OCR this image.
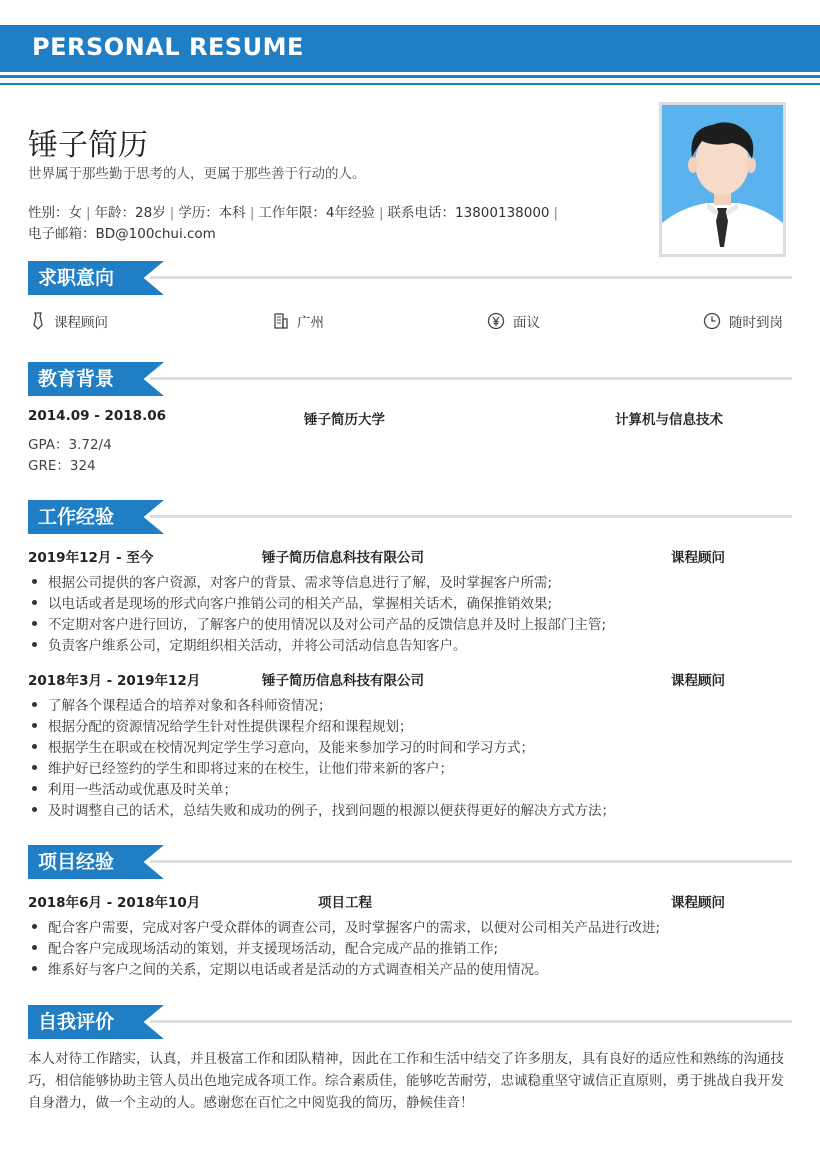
PERSONAL RESUME
锤子简历
世界属于那些勤于思考的人，更属于那些善于行动的人。
性别：女 | 年龄：28岁 | 学历：本科 | 工作年限：4年经验 | 联系电话：13800138000 |
电子邮箱：BD@100chui.com
求职意向
课程顾问	广州	面议	随时到岗
教育背景
2014.09 - 2018.06	锤子简历大学	计算机与信息技术
GPA：3.72/4
GRE：324
工作经验
2019年12月 - 至今	锤子简历信息科技有限公司	课程顾问
根据公司提供的客户资源，对客户的背景、需求等信息进行了解，及时掌握客户所需;
以电话或者是现场的形式向客户推销公司的相关产品，掌握相关话术，确保推销效果;
不定期对客户进行回访，了解客户的使用情况以及对公司产品的反馈信息并及时上报部门主管;
负责客户维系公司，定期组织相关活动，并将公司活动信息告知客户。
2018年3月 - 2019年12月	锤子简历信息科技有限公司	课程顾问
了解各个课程适合的培养对象和各科师资情况；
根据分配的资源情况给学生针对性提供课程介绍和课程规划；
根据学生在职或在校情况判定学生学习意向，及能来参加学习的时间和学习方式；
维护好已经签约的学生和即将过来的在校生，让他们带来新的客户；
利用一些活动或优惠及时关单；
及时调整自己的话术，总结失败和成功的例子，找到问题的根源以便获得更好的解决方式方法；
项目经验
2018年6月 - 2018年10月	项目工程	课程顾问
配合客户需要，完成对客户受众群体的调查公司，及时掌握客户的需求，以便对公司相关产品进行改进;
配合客户完成现场活动的策划，并支援现场活动，配合完成产品的推销工作;
维系好与客户之间的关系，定期以电话或者是活动的方式调查相关产品的使用情况。
自我评价
本人对待工作踏实，认真，并且极富工作和团队精神，因此在工作和生活中结交了许多朋友，具有良好的适应性和熟练的沟通技巧，相信能够协助主管人员出色地完成各项工作。综合素质佳，能够吃苦耐劳，忠诚稳重坚守诚信正直原则，勇于挑战自我开发自身潜力，做一个主动的人。感谢您在百忙之中阅览我的简历，静候佳音！
